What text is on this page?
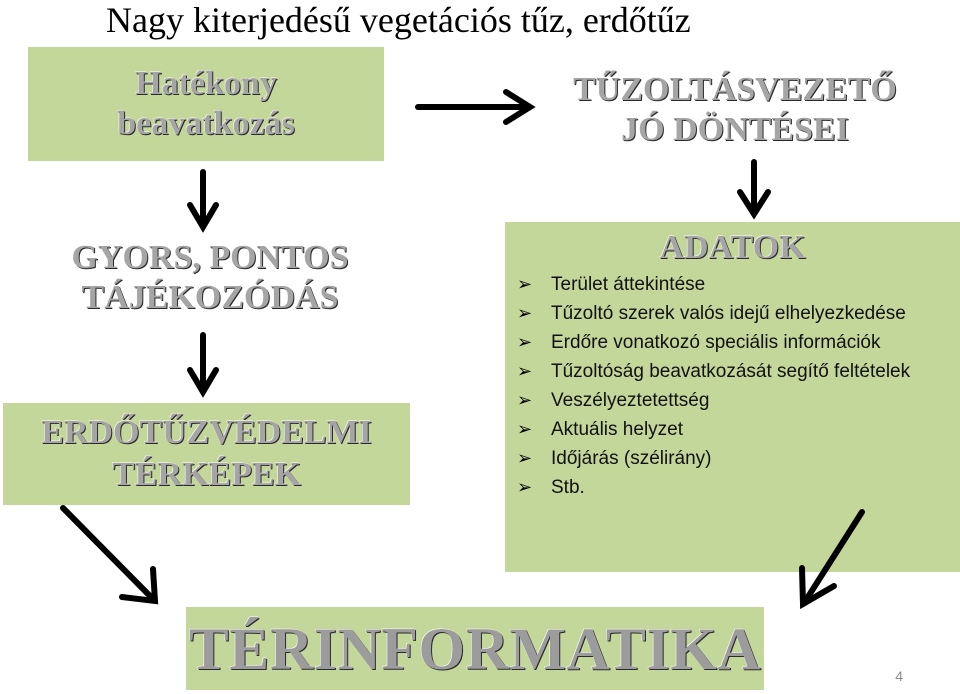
Nagy kiterjedésű vegetációs tűz, erdőtűz
Hatékony
beavatkozás
TŰZOLTÁSVEZETŐ
JÓ DÖNTÉSEI
GYORS, PONTOS
TÁJÉKOZÓDÁS
ERDŐTŰZVÉDELMI
TÉRKÉPEK
ADATOK
➢ Terület áttekintése
➢ Tűzoltó szerek valós idejű elhelyezkedése
➢ Erdőre vonatkozó speciális információk
➢ Tűzoltóság beavatkozását segítő feltételek
➢ Veszélyeztetettség
➢ Aktuális helyzet
➢ Időjárás (szélirány)
➢ Stb.
TÉRINFORMATIKA	4
